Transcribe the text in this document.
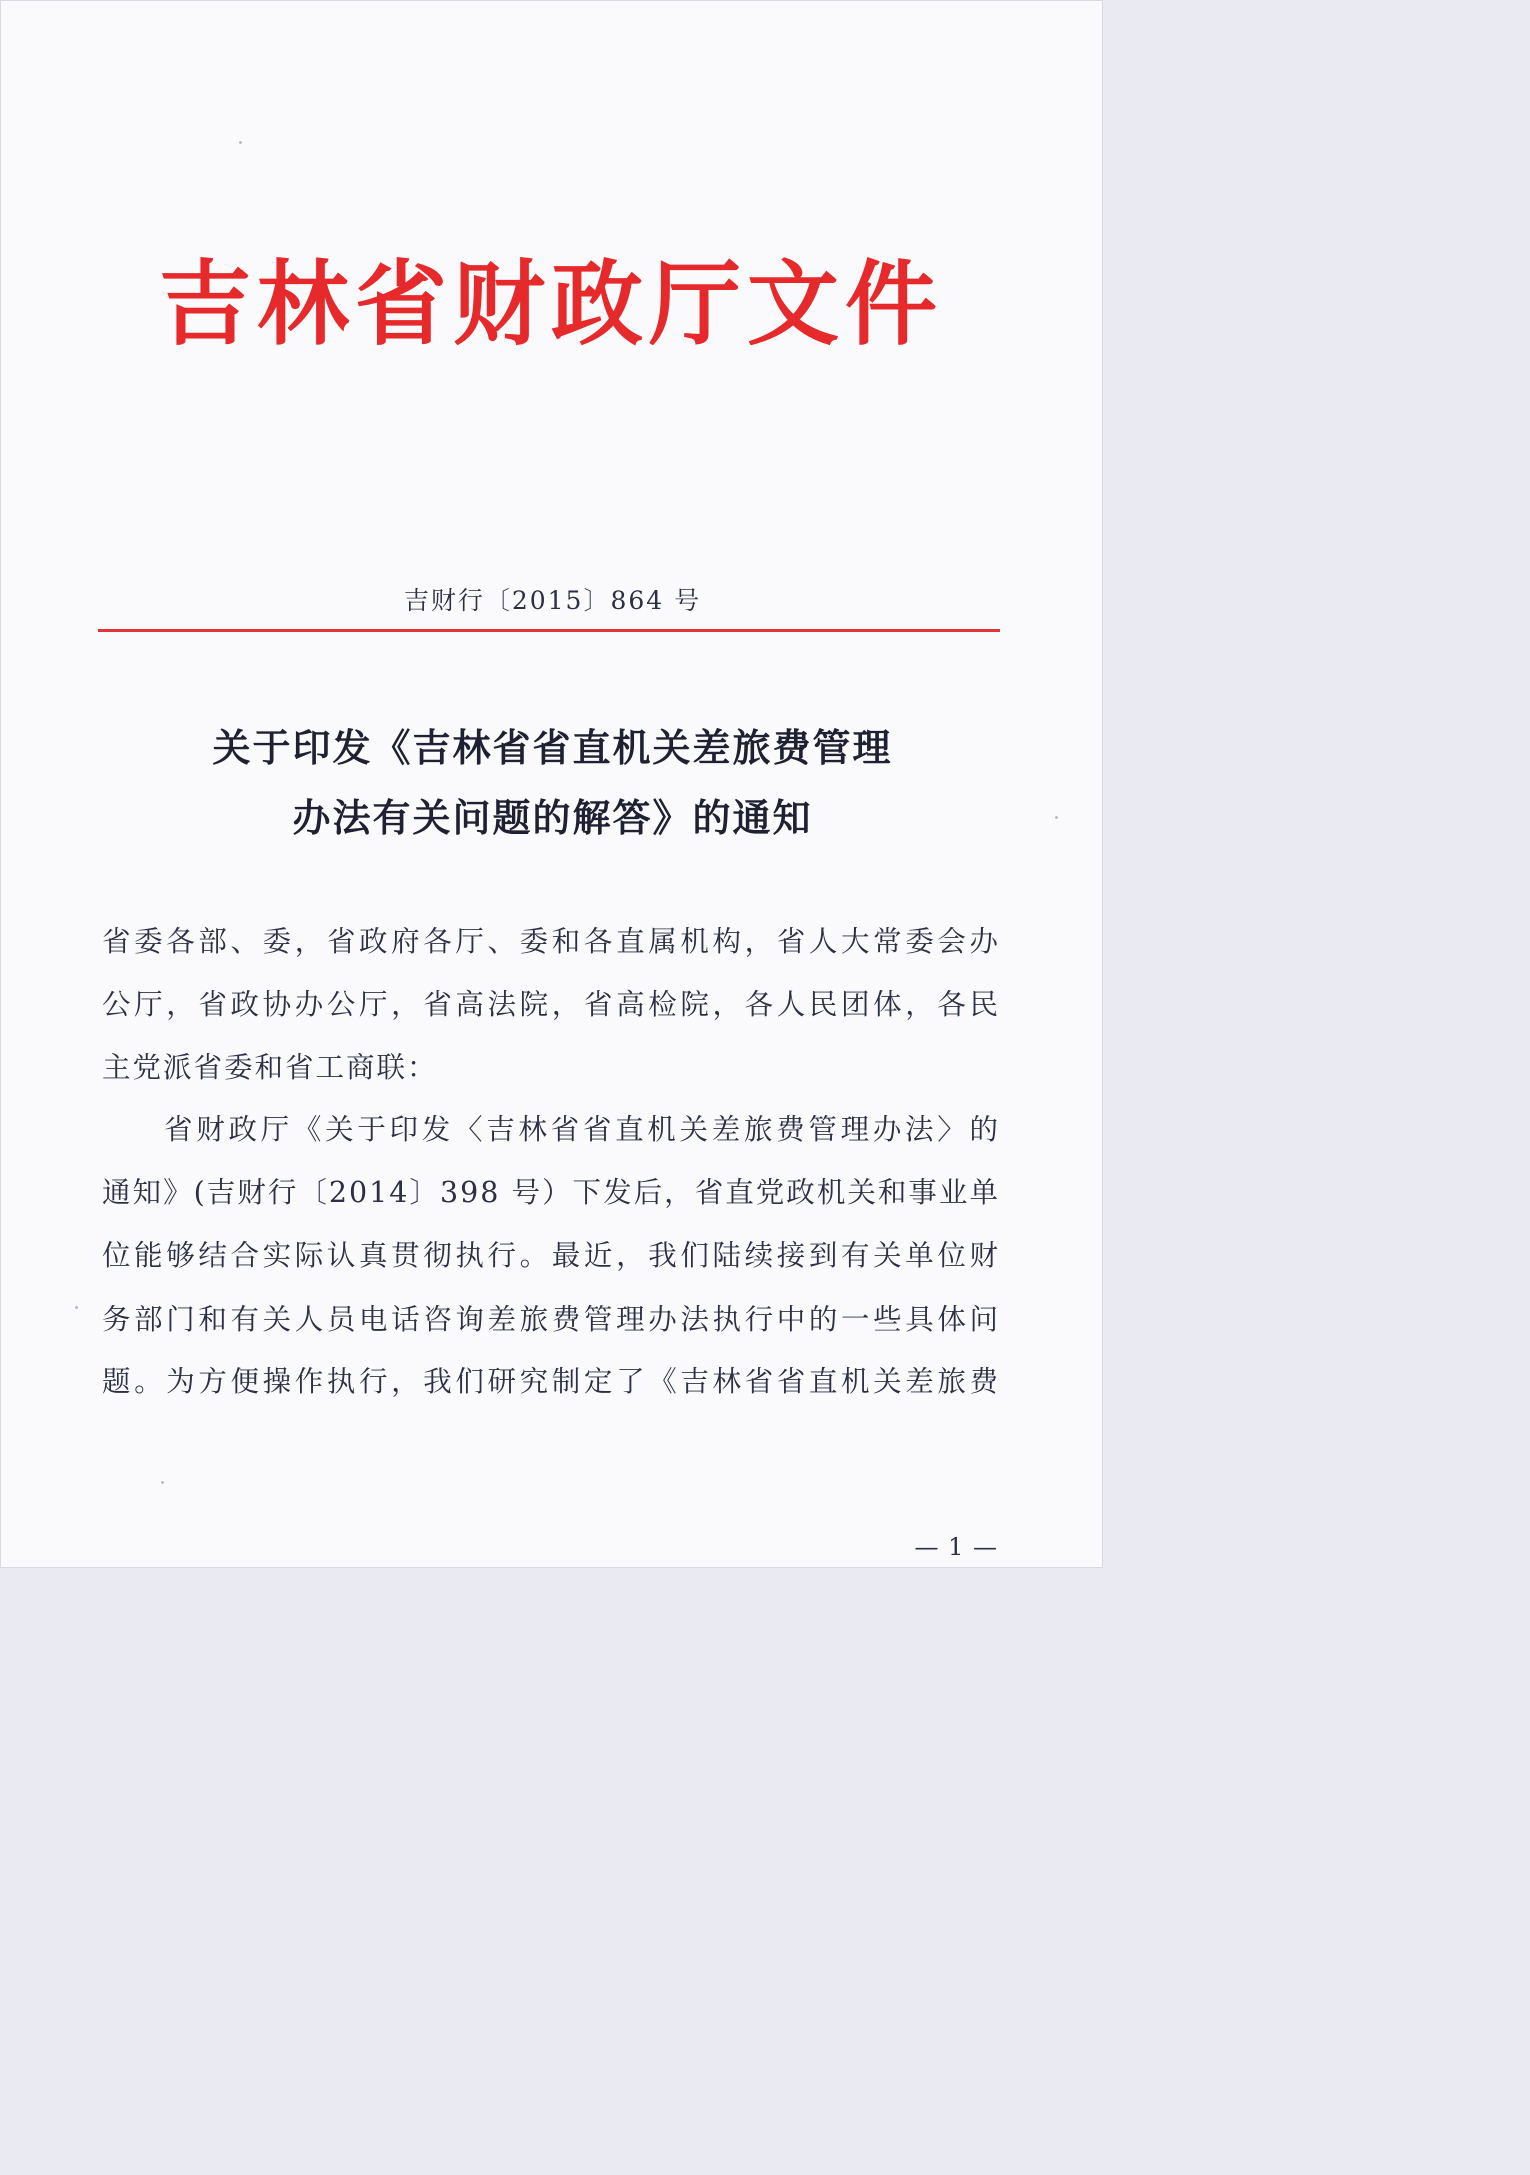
吉林省财政厅文件
吉财行〔2015〕864 号
关于印发《吉林省省直机关差旅费管理
办法有关问题的解答》的通知
省委各部、委，省政府各厅、委和各直属机构，省人大常委会办
公厅，省政协办公厅，省高法院，省高检院，各人民团体，各民
主党派省委和省工商联：
省财政厅《关于印发〈吉林省省直机关差旅费管理办法〉的
通知》(吉财行〔2014〕398 号）下发后，省直党政机关和事业单
位能够结合实际认真贯彻执行。最近，我们陆续接到有关单位财
务部门和有关人员电话咨询差旅费管理办法执行中的一些具体问
题。为方便操作执行，我们研究制定了《吉林省省直机关差旅费
— 1 —
